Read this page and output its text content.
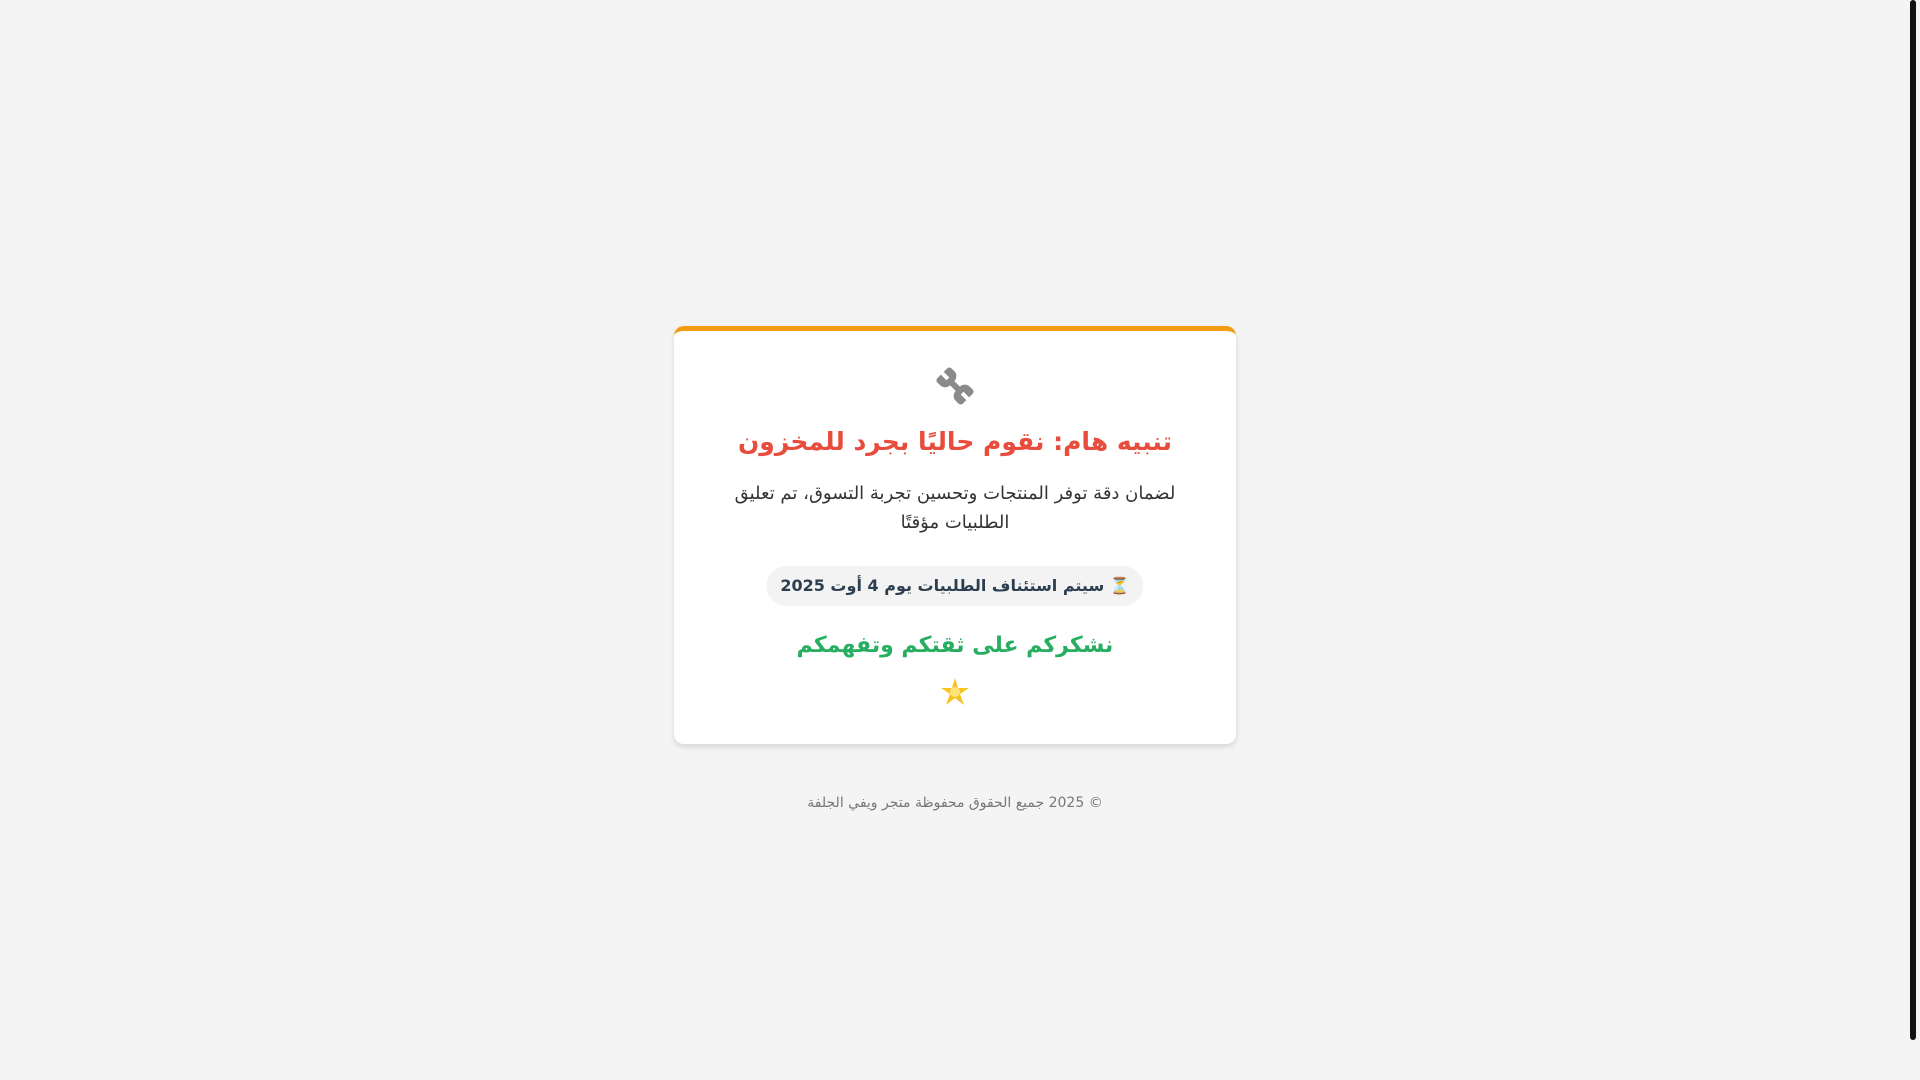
تنبيه هام: نقوم حاليًا بجرد للمخزون

لضمان دقة توفر المنتجات وتحسين تجربة التسوق، تم تعليق الطلبيات مؤقتًا

⏳ سيتم استئناف الطلبيات يوم 4 أوت 2025
نشكركم على ثقتكم وتفهمكم
© 2025 جميع الحقوق محفوظة متجر ويفي الجلفة
